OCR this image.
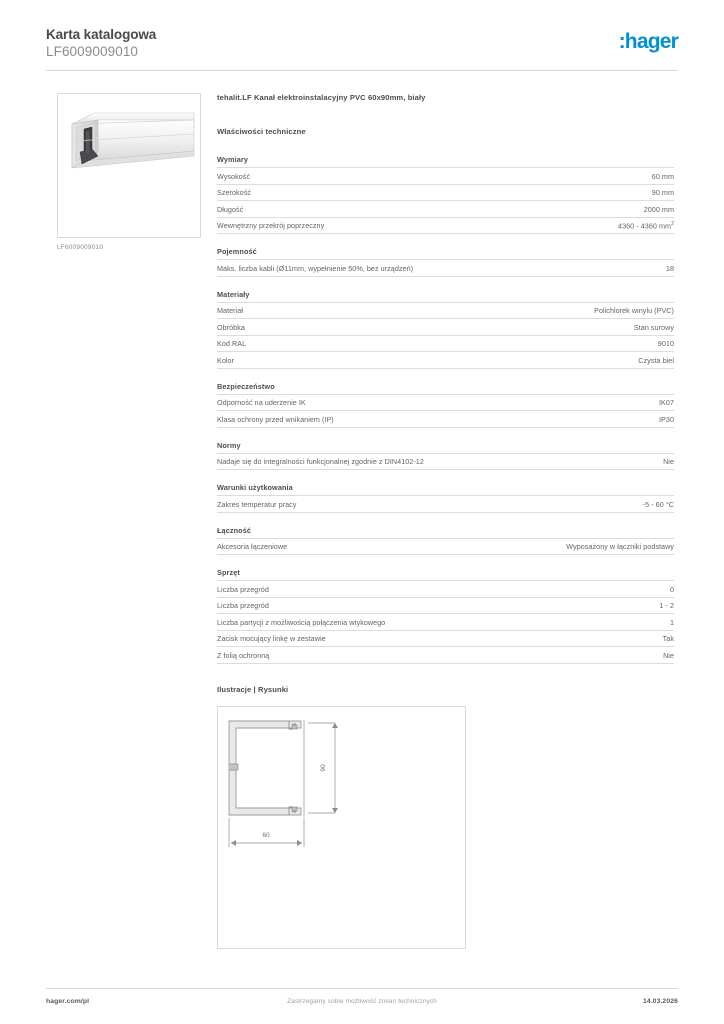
Karta katalogowa
LF6009009010	:hager
LF6009009010
tehalit.LF Kanał elektroinstalacyjny PVC 60x90mm, biały
Właściwości techniczne
Wymiary
Wysokość	60 mm
Szerokość	90 mm
Długość	2000 mm
Wewnętrzny przekrój poprzeczny	4360 - 4360 $mm^2$
Pojemność
Maks. liczba kabli (Ø11mm, wypełnienie 50%, bez urządzeń)	18
Materiały
Materiał	Polichlorek winylu (PVC)
Obróbka	Stan surowy
Kod RAL	9010
Kolor	Czysta biel
Bezpieczeństwo
Odporność na uderzenie IK	IK07
Klasa ochrony przed wnikaniem (IP)	IP30
Normy
Nadaje się do integralności funkcjonalnej zgodnie z DIN4102-12	Nie
Warunki użytkowania
Zakres temperatur pracy	-5 - 60 °C
Łączność
Akcesoria łączeniowe	Wyposażony w łączniki podstawy
Sprzęt
Liczba przegród	0
Liczba przegród	1 - 2
Liczba partycji z możliwością połączenia wtykowego	1
Zacisk mocujący linkę w zestawie	Tak
Z folią ochronną	Nie
Ilustracje | Rysunki
90
60
hager.com/pl	Zastrzegamy sobie możliwość zmian technicznych	14.03.2026
